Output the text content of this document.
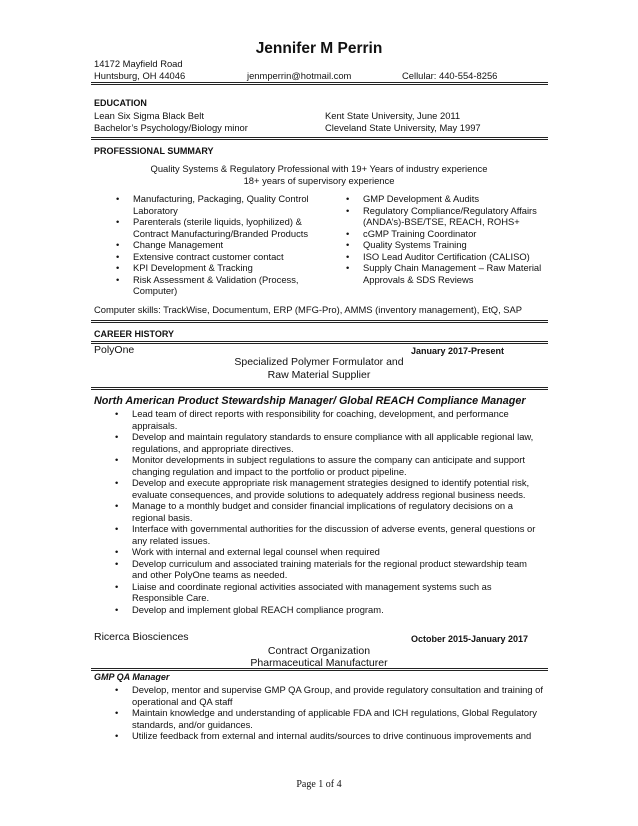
Jennifer M Perrin
14172 Mayfield Road
Huntsburg, OH 44046	jenmperrin@hotmail.com	Cellular: 440-554-8256
EDUCATION
Lean Six Sigma Black Belt	Kent State University, June 2011
Bachelor’s Psychology/Biology minor	Cleveland State University, May 1997
PROFESSIONAL SUMMARY
Quality Systems & Regulatory Professional with 19+ Years of industry experience
18+ years of supervisory experience
• Manufacturing, Packaging, Quality Control
Laboratory
• Parenterals (sterile liquids, lyophilized) &
Contract Manufacturing/Branded Products
• Change Management
• Extensive contract customer contact
• KPI Development & Tracking
• Risk Assessment & Validation (Process,
Computer)
• GMP Development & Audits
• Regulatory Compliance/Regulatory Affairs
(ANDA’s)-BSE/TSE, REACH, ROHS+
• cGMP Training Coordinator
• Quality Systems Training
• ISO Lead Auditor Certification (CALISO)
• Supply Chain Management – Raw Material
Approvals & SDS Reviews
Computer skills: TrackWise, Documentum, ERP (MFG-Pro), AMMS (inventory management), EtQ, SAP
CAREER HISTORY
PolyOne	January 2017-Present
Specialized Polymer Formulator and
Raw Material Supplier
North American Product Stewardship Manager/ Global REACH Compliance Manager
• Lead team of direct reports with responsibility for coaching, development, and performance
appraisals.
• Develop and maintain regulatory standards to ensure compliance with all applicable regional law,
regulations, and appropriate directives.
• Monitor developments in subject regulations to assure the company can anticipate and support
changing regulation and impact to the portfolio or product pipeline.
• Develop and execute appropriate risk management strategies designed to identify potential risk,
evaluate consequences, and provide solutions to adequately address regional business needs.
• Manage to a monthly budget and consider financial implications of regulatory decisions on a
regional basis.
• Interface with governmental authorities for the discussion of adverse events, general questions or
any related issues.
• Work with internal and external legal counsel when required
• Develop curriculum and associated training materials for the regional product stewardship team
and other PolyOne teams as needed.
• Liaise and coordinate regional activities associated with management systems such as
Responsible Care.
• Develop and implement global REACH compliance program.
Ricerca Biosciences	October 2015-January 2017
Contract Organization
Pharmaceutical Manufacturer
GMP QA Manager
• Develop, mentor and supervise GMP QA Group, and provide regulatory consultation and training of
operational and QA staff
• Maintain knowledge and understanding of applicable FDA and ICH regulations, Global Regulatory
standards, and/or guidances.
• Utilize feedback from external and internal audits/sources to drive continuous improvements and
Page 1 of 4
